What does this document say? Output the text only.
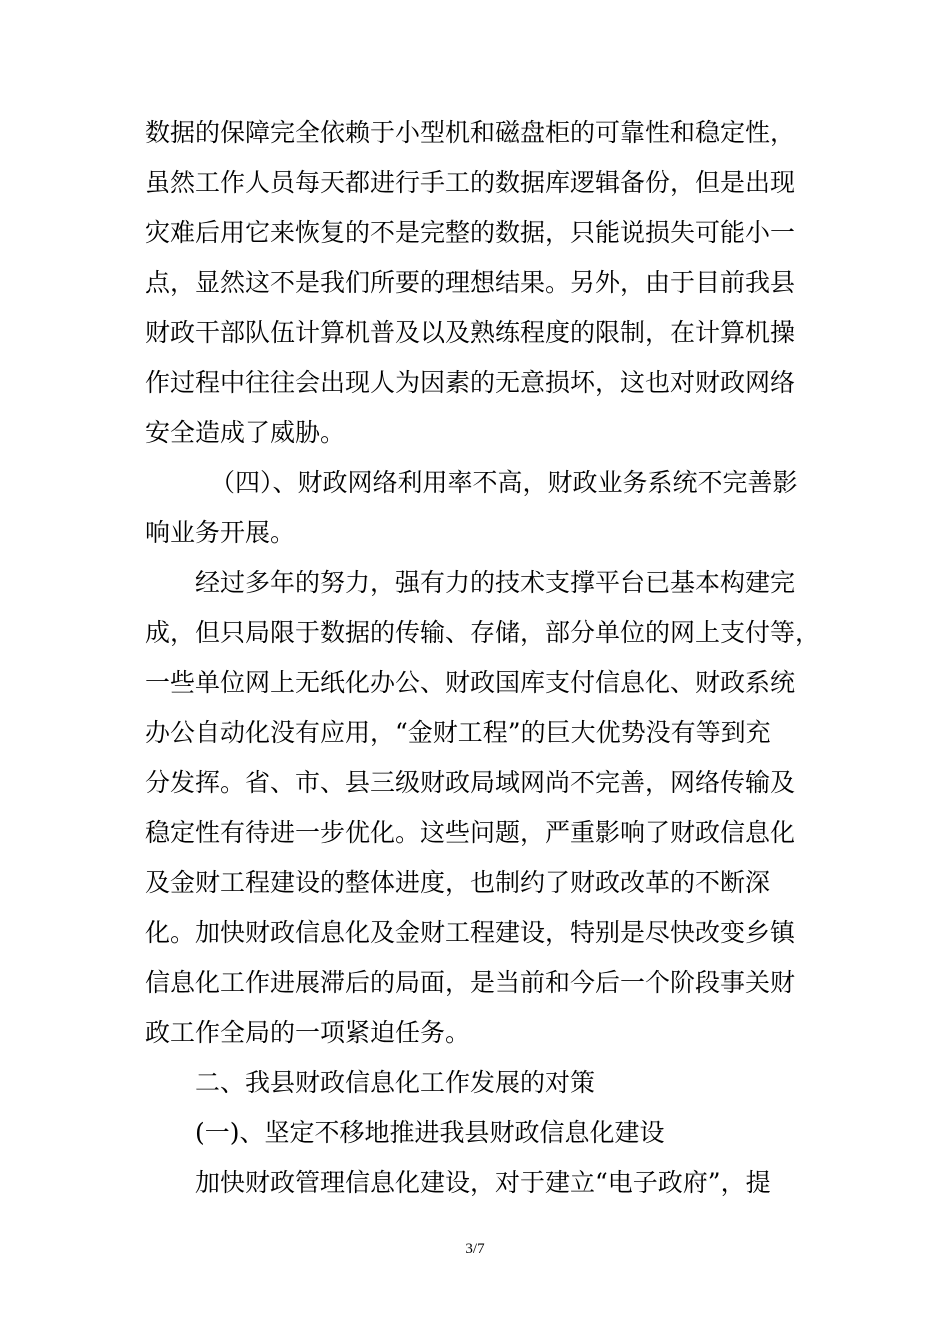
数据的保障完全依赖于小型机和磁盘柜的可靠性和稳定性，
虽然工作人员每天都进行手工的数据库逻辑备份，但是出现
灾难后用它来恢复的不是完整的数据，只能说损失可能小一
点，显然这不是我们所要的理想结果。另外，由于目前我县
财政干部队伍计算机普及以及熟练程度的限制，在计算机操
作过程中往往会出现人为因素的无意损坏，这也对财政网络
安全造成了威胁。
（四）、财政网络利用率不高，财政业务系统不完善影
响业务开展。
经过多年的努力，强有力的技术支撑平台已基本构建完
成，但只局限于数据的传输、存储，部分单位的网上支付等，
一些单位网上无纸化办公、财政国库支付信息化、财政系统
办公自动化没有应用，“金财工程”的巨大优势没有等到充
分发挥。省、市、县三级财政局域网尚不完善，网络传输及
稳定性有待进一步优化。这些问题，严重影响了财政信息化
及金财工程建设的整体进度，也制约了财政改革的不断深
化。加快财政信息化及金财工程建设，特别是尽快改变乡镇
信息化工作进展滞后的局面，是当前和今后一个阶段事关财
政工作全局的一项紧迫任务。
二、我县财政信息化工作发展的对策
(一)、坚定不移地推进我县财政信息化建设
加快财政管理信息化建设，对于建立“电子政府”，提
3/7
